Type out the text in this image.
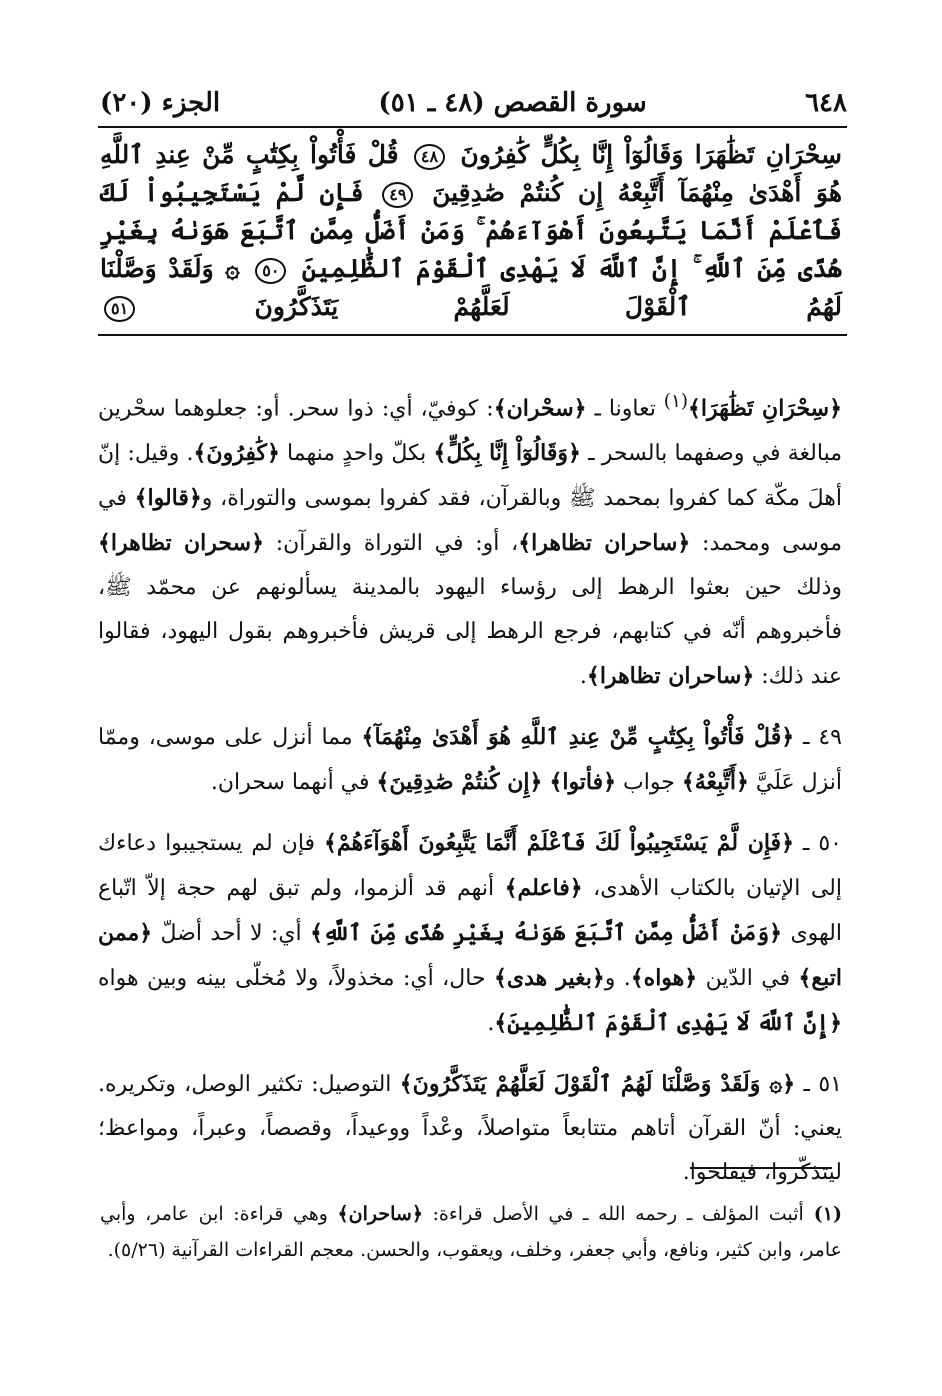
٦٤٨
سورة القصص (٤٨ ـ ٥١)
الجزء (٢٠)
سِحْرَانِ تَظَٰهَرَا وَقَالُوٓاْ إِنَّا بِكُلٍّ كَٰفِرُونَ ٤٨ قُلْ فَأْتُواْ بِكِتَٰبٍ مِّنْ عِندِ ٱللَّهِ هُوَ أَهْدَىٰ مِنْهُمَآ أَتَّبِعْهُ إِن كُنتُمْ صَٰدِقِينَ ٤٩ فَإِن لَّمْ يَسْتَجِيبُواْ لَكَ فَٱعْلَمْ أَنَّمَا يَتَّبِعُونَ أَهْوَآءَهُمْ ۚ وَمَنْ أَضَلُّ مِمَّنِ ٱتَّبَعَ هَوَىٰهُ بِغَيْرِ هُدًى مِّنَ ٱللَّهِ ۚ إِنَّ ٱللَّهَ لَا يَهْدِى ٱلْقَوْمَ ٱلظَّٰلِمِينَ ٥٠ ۞ وَلَقَدْ وَصَّلْنَا لَهُمُ ٱلْقَوْلَ لَعَلَّهُمْ يَتَذَكَّرُونَ ٥١

﴿سِحْرَانِ تَظَٰهَرَا﴾$^{(١)}$ تعاونا ـ ﴿سحْران﴾: كوفيّ، أي: ذوا سحر. أو: جعلوهما سحْرين مبالغة في وصفهما بالسحر ـ ﴿وَقَالُوٓاْ إِنَّا بِكُلٍّ﴾ بكلّ واحدٍ منهما ﴿كَٰفِرُونَ﴾. وقيل: إنّ أهلَ مكّة كما كفروا بمحمد ﷺ وبالقرآن، فقد كفروا بموسى والتوراة، و﴿قالوا﴾ في موسى ومحمد: ﴿ساحران تظاهرا﴾، أو: في التوراة والقرآن: ﴿سحران تظاهرا﴾ وذلك حين بعثوا الرهط إلى رؤساء اليهود بالمدينة يسألونهم عن محمّد ﷺ، فأخبروهم أنّه في كتابهم، فرجع الرهط إلى قريش فأخبروهم بقول اليهود، فقالوا عند ذلك: ﴿ساحران تظاهرا﴾.

٤٩ ـ ﴿قُلْ فَأْتُواْ بِكِتَٰبٍ مِّنْ عِندِ ٱللَّهِ هُوَ أَهْدَىٰ مِنْهُمَآ﴾ مما أنزل على موسى، وممّا أنزل عَلَيَّ ﴿أَتَّبِعْهُ﴾ جواب ﴿فأتوا﴾ ﴿إِن كُنتُمْ صَٰدِقِينَ﴾ في أنهما سحران.

٥٠ ـ ﴿فَإِن لَّمْ يَسْتَجِيبُواْ لَكَ فَٱعْلَمْ أَنَّمَا يَتَّبِعُونَ أَهْوَآءَهُمْ﴾ فإن لم يستجيبوا دعاءك إلى الإتيان بالكتاب الأهدى، ﴿فاعلم﴾ أنهم قد ألزموا، ولم تبق لهم حجة إلاّ اتّباع الهوى ﴿وَمَنْ أَضَلُّ مِمَّنِ ٱتَّبَعَ هَوَىٰهُ بِغَيْرِ هُدًى مِّنَ ٱللَّهِ﴾ أي: لا أحد أضلّ ﴿ممن اتبع﴾ في الدّين ﴿هواه﴾. و﴿بغير هدى﴾ حال، أي: مخذولاً، ولا مُخلّى بينه وبين هواه ﴿إِنَّ ٱللَّهَ لَا يَهْدِى ٱلْقَوْمَ ٱلظَّٰلِمِينَ﴾.

٥١ ـ ﴿۞ وَلَقَدْ وَصَّلْنَا لَهُمُ ٱلْقَوْلَ لَعَلَّهُمْ يَتَذَكَّرُونَ﴾ التوصيل: تكثير الوصل، وتكريره. يعني: أنّ القرآن أتاهم متتابعاً متواصلاً، وعْداً ووعيداً، وقصصاً، وعبراً، ومواعظ؛ ليتذكّروا، فيفلحوا.

(١)أثبت المؤلف ـ رحمه الله ـ في الأصل قراءة: ﴿ساحران﴾ وهي قراءة: ابن عامر، وأبي عامر، وابن كثير، ونافع، وأبي جعفر، وخلف، ويعقوب، والحسن. معجم القراءات القرآنية (٥/٢٦).
